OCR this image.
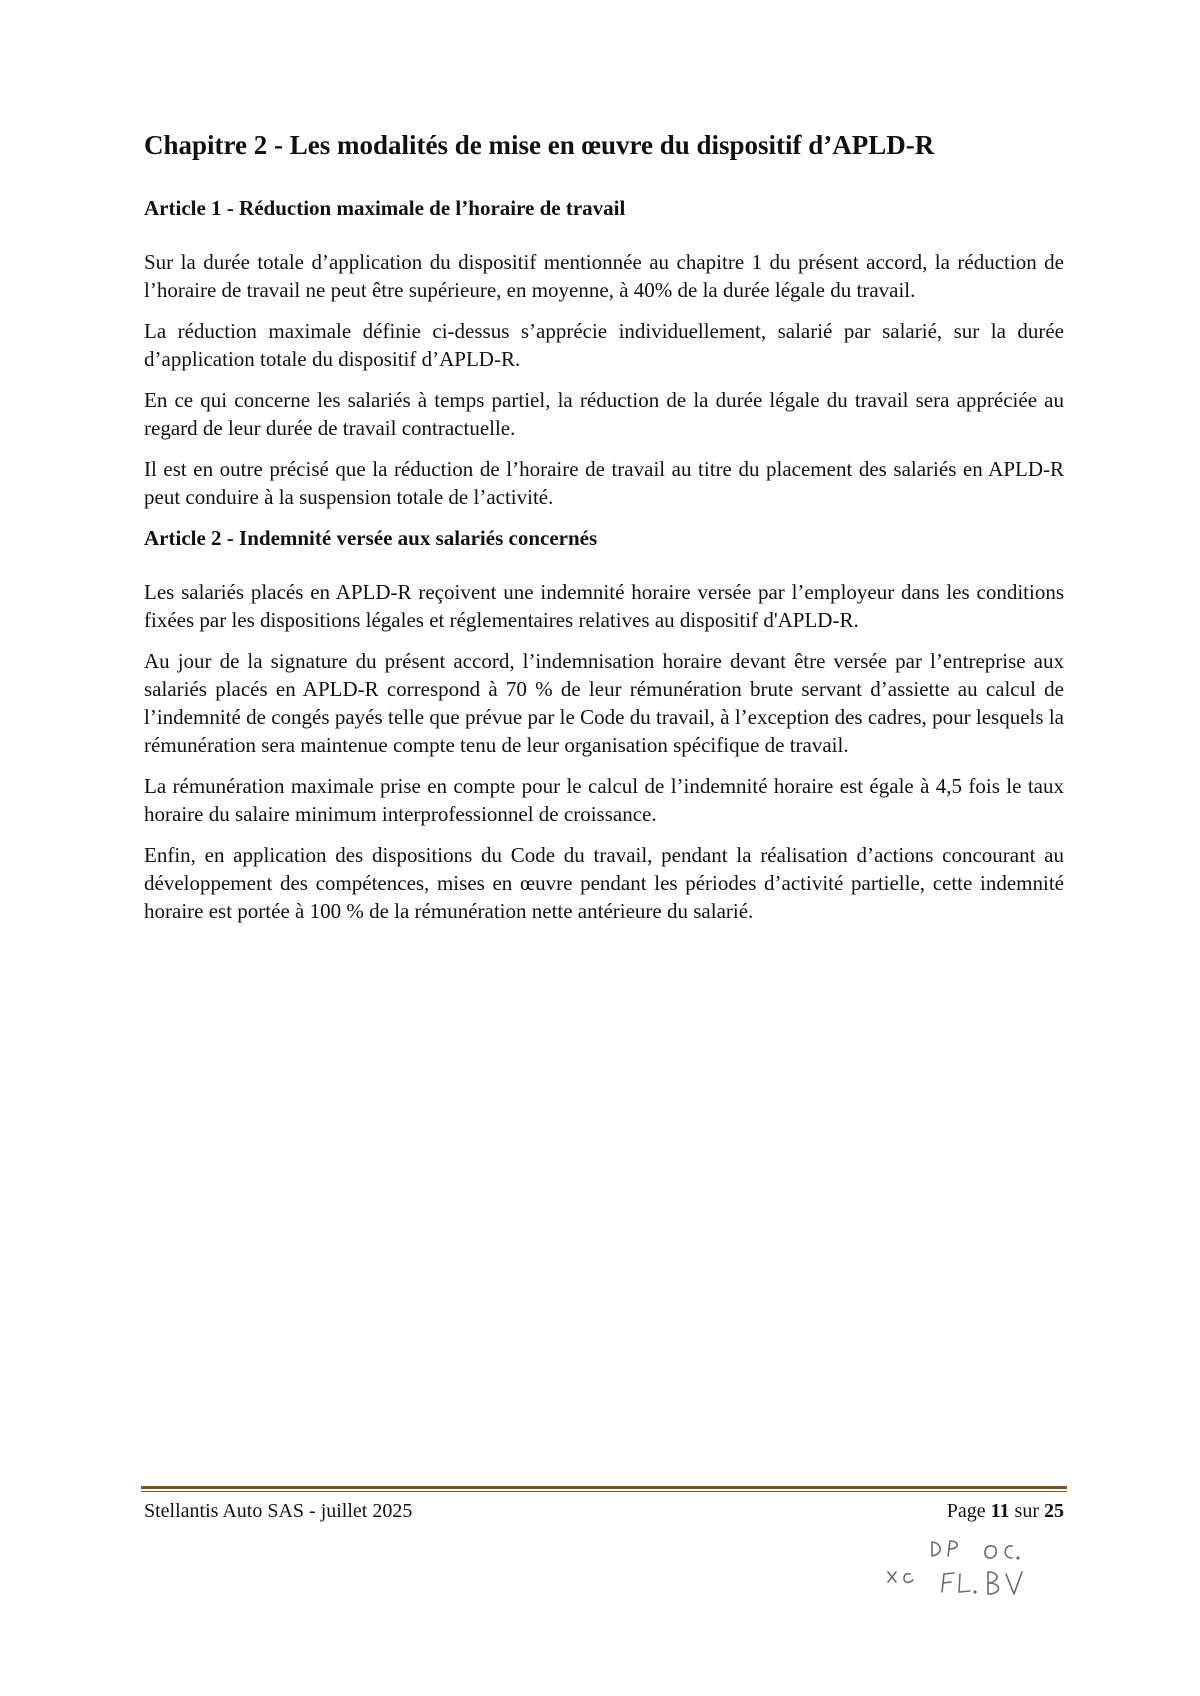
Chapitre 2 - Les modalités de mise en œuvre du dispositif d’APLD-R
Article 1 - Réduction maximale de l’horaire de travail

Sur la durée totale d’application du dispositif mentionnée au chapitre 1 du présent accord, la réduction de l’horaire de travail ne peut être supérieure, en moyenne, à 40% de la durée légale du travail.

La réduction maximale définie ci-dessus s’apprécie individuellement, salarié par salarié, sur la durée d’application totale du dispositif d’APLD-R.

En ce qui concerne les salariés à temps partiel, la réduction de la durée légale du travail sera appréciée au regard de leur durée de travail contractuelle.

Il est en outre précisé que la réduction de l’horaire de travail au titre du placement des salariés en APLD-R peut conduire à la suspension totale de l’activité.

Article 2 - Indemnité versée aux salariés concernés

Les salariés placés en APLD-R reçoivent une indemnité horaire versée par l’employeur dans les conditions fixées par les dispositions légales et réglementaires relatives au dispositif d'APLD-R.

Au jour de la signature du présent accord, l’indemnisation horaire devant être versée par l’entreprise aux salariés placés en APLD-R correspond à 70 % de leur rémunération brute servant d’assiette au calcul de l’indemnité de congés payés telle que prévue par le Code du travail, à l’exception des cadres, pour lesquels la rémunération sera maintenue compte tenu de leur organisation spécifique de travail.

La rémunération maximale prise en compte pour le calcul de l’indemnité horaire est égale à 4,5 fois le taux horaire du salaire minimum interprofessionnel de croissance.

Enfin, en application des dispositions du Code du travail, pendant la réalisation d’actions concourant au développement des compétences, mises en œuvre pendant les périodes d’activité partielle, cette indemnité horaire est portée à 100 % de la rémunération nette antérieure du salarié.

Stellantis Auto SAS - juillet 2025	Page 11 sur 25
